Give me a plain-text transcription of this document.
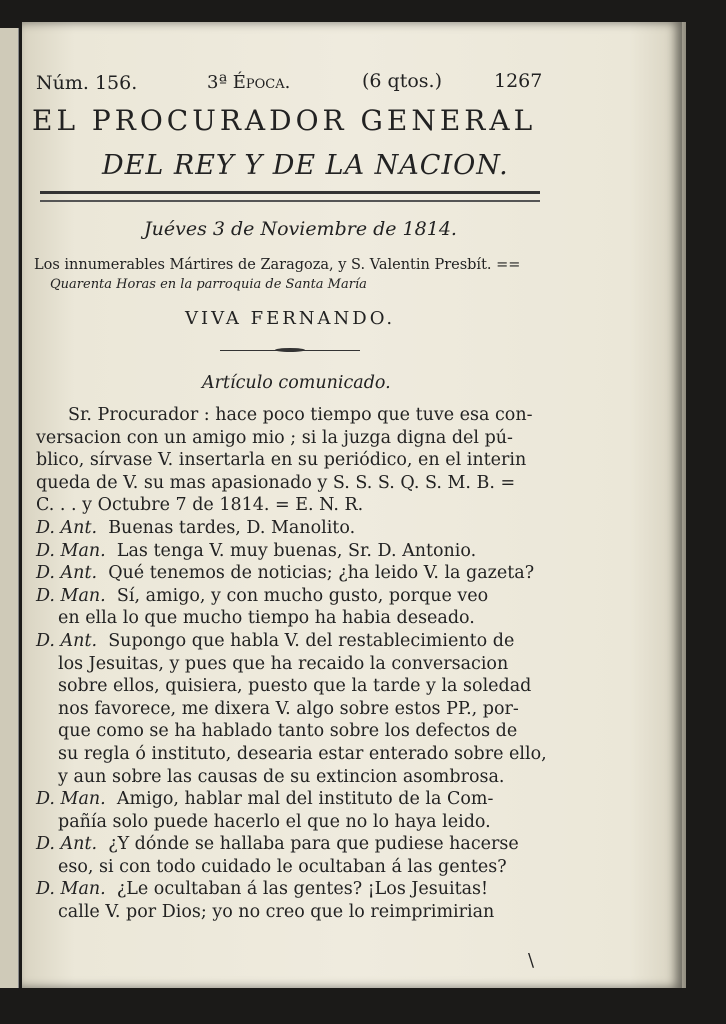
Núm. 156.	3ª Época.	(6 qtos.)	1267
EL PROCURADOR GENERAL
DEL REY Y DE LA NACION.
Juéves 3 de Noviembre de 1814.
Los innumerables Mártires de Zaragoza, y S. Valentin Presbít. ==
Quarenta Horas en la parroquia de Santa María
VIVA FERNANDO.
Artículo comunicado.
Sr. Procurador : hace poco tiempo que tuve esa con-
versacion con un amigo mio ; si la juzga digna del pú-
blico, sírvase V. insertarla en su periódico, en el interin
queda de V. su mas apasionado y S. S. S. Q. S. M. B. =
C. . . y Octubre 7 de 1814. = E. N. R.
D. Ant. Buenas tardes, D. Manolito.
D. Man. Las tenga V. muy buenas, Sr. D. Antonio.
D. Ant. Qué tenemos de noticias; ¿ha leido V. la gazeta?
D. Man. Sí, amigo, y con mucho gusto, porque veo
en ella lo que mucho tiempo ha habia deseado.
D. Ant. Supongo que habla V. del restablecimiento de
los Jesuitas, y pues que ha recaido la conversacion
sobre ellos, quisiera, puesto que la tarde y la soledad
nos favorece, me dixera V. algo sobre estos PP., por-
que como se ha hablado tanto sobre los defectos de
su regla ó instituto, desearia estar enterado sobre ello,
y aun sobre las causas de su extincion asombrosa.
D. Man. Amigo, hablar mal del instituto de la Com-
pañía solo puede hacerlo el que no lo haya leido.
D. Ant. ¿Y dónde se hallaba para que pudiese hacerse
eso, si con todo cuidado le ocultaban á las gentes?
D. Man. ¿Le ocultaban á las gentes? ¡Los Jesuitas!
calle V. por Dios; yo no creo que lo reimprimirian
\
